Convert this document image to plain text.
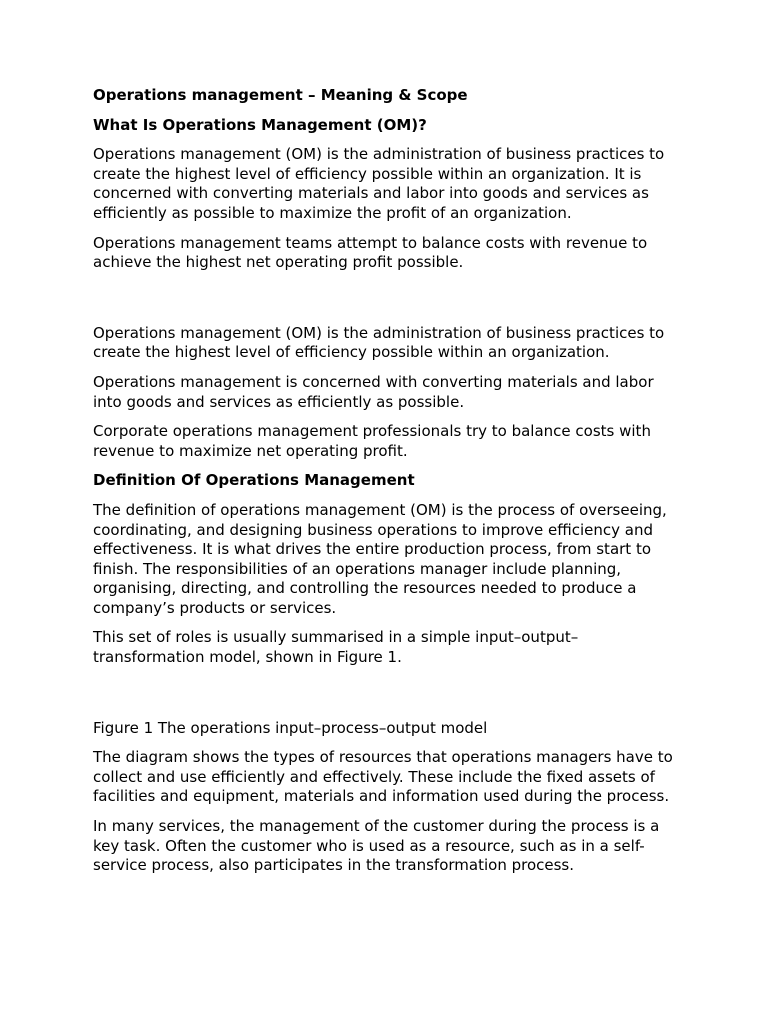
Operations management – Meaning & Scope
What Is Operations Management (OM)?

Operations management (OM) is the administration of business practices to create the highest level of efficiency possible within an organization. It is concerned with converting materials and labor into goods and services as efficiently as possible to maximize the profit of an organization.

Operations management teams attempt to balance costs with revenue to achieve the highest net operating profit possible.

Operations management (OM) is the administration of business practices to create the highest level of efficiency possible within an organization.

Operations management is concerned with converting materials and labor into goods and services as efficiently as possible.

Corporate operations management professionals try to balance costs with revenue to maximize net operating profit.

Definition Of Operations Management

The definition of operations management (OM) is the process of overseeing, coordinating, and designing business operations to improve efficiency and effectiveness. It is what drives the entire production process, from start to finish. The responsibilities of an operations manager include planning, organising, directing, and controlling the resources needed to produce a company’s products or services.

This set of roles is usually summarised in a simple input–output–transformation model, shown in Figure 1.

Figure 1 The operations input–process–output model

The diagram shows the types of resources that operations managers have to collect and use efficiently and effectively. These include the fixed assets of facilities and equipment, materials and information used during the process.

In many services, the management of the customer during the process is a key task. Often the customer who is used as a resource, such as in a self-service process, also participates in the transformation process.
